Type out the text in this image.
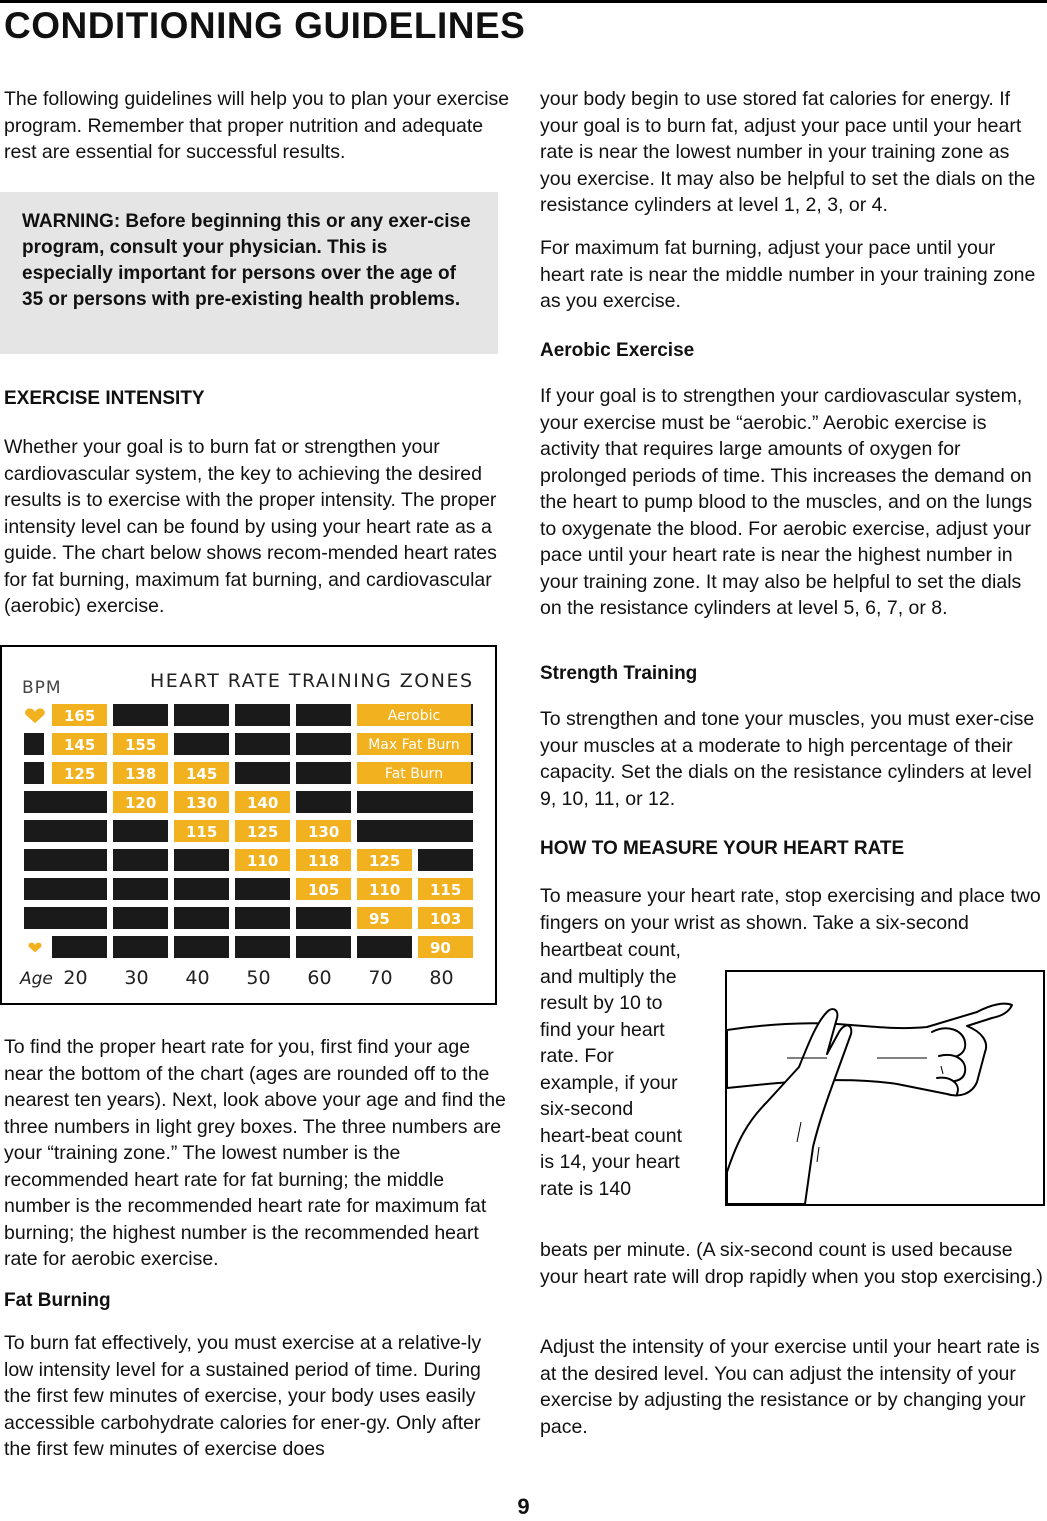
CONDITIONING GUIDELINES

The following guidelines will help you to plan your exercise program. Remember that proper nutrition and adequate rest are essential for successful results.

WARNING: Before beginning this or any exer-cise program, consult your physician. This is especially important for persons over the age of 35 or persons with pre-existing health problems.

EXERCISE INTENSITY

Whether your goal is to burn fat or strengthen your cardiovascular system, the key to achieving the desired results is to exercise with the proper intensity. The proper intensity level can be found by using your heart rate as a guide. The chart below shows recom-mended heart rates for fat burning, maximum fat burning, and cardiovascular (aerobic) exercise.

BPM	HEART RATE TRAINING ZONES
165
145
125
155
138
120
145
130
115
140
125
110
130
118
105
125
110
95
115
103
90
Aerobic
Max Fat Burn
Fat Burn
Age 20 30 40 50 60 70 80

To find the proper heart rate for you, first find your age near the bottom of the chart (ages are rounded off to the nearest ten years). Next, look above your age and find the three numbers in light grey boxes. The three numbers are your “training zone.” The lowest number is the recommended heart rate for fat burning; the middle number is the recommended heart rate for maximum fat burning; the highest number is the recommended heart rate for aerobic exercise.

Fat Burning

To burn fat effectively, you must exercise at a relative-ly low intensity level for a sustained period of time. During the first few minutes of exercise, your body uses easily accessible carbohydrate calories for ener-gy. Only after the first few minutes of exercise does

your body begin to use stored fat calories for energy. If your goal is to burn fat, adjust your pace until your heart rate is near the lowest number in your training zone as you exercise. It may also be helpful to set the dials on the resistance cylinders at level 1, 2, 3, or 4.

For maximum fat burning, adjust your pace until your heart rate is near the middle number in your training zone as you exercise.

Aerobic Exercise

If your goal is to strengthen your cardiovascular system, your exercise must be “aerobic.” Aerobic exercise is activity that requires large amounts of oxygen for prolonged periods of time. This increases the demand on the heart to pump blood to the muscles, and on the lungs to oxygenate the blood. For aerobic exercise, adjust your pace until your heart rate is near the highest number in your training zone. It may also be helpful to set the dials on the resistance cylinders at level 5, 6, 7, or 8.

Strength Training

To strengthen and tone your muscles, you must exer-cise your muscles at a moderate to high percentage of their capacity. Set the dials on the resistance cylinders at level 9, 10, 11, or 12.

HOW TO MEASURE YOUR HEART RATE

To measure your heart rate, stop exercising and place two fingers on your wrist as shown. Take a six-second

heartbeat count, and multiply the result by 10 to find your heart rate. For example, if your six-second heart-beat count is 14, your heart rate is 140

beats per minute. (A six-second count is used because your heart rate will drop rapidly when you stop exercising.)

Adjust the intensity of your exercise until your heart rate is at the desired level. You can adjust the intensity of your exercise by adjusting the resistance or by changing your pace.

9
